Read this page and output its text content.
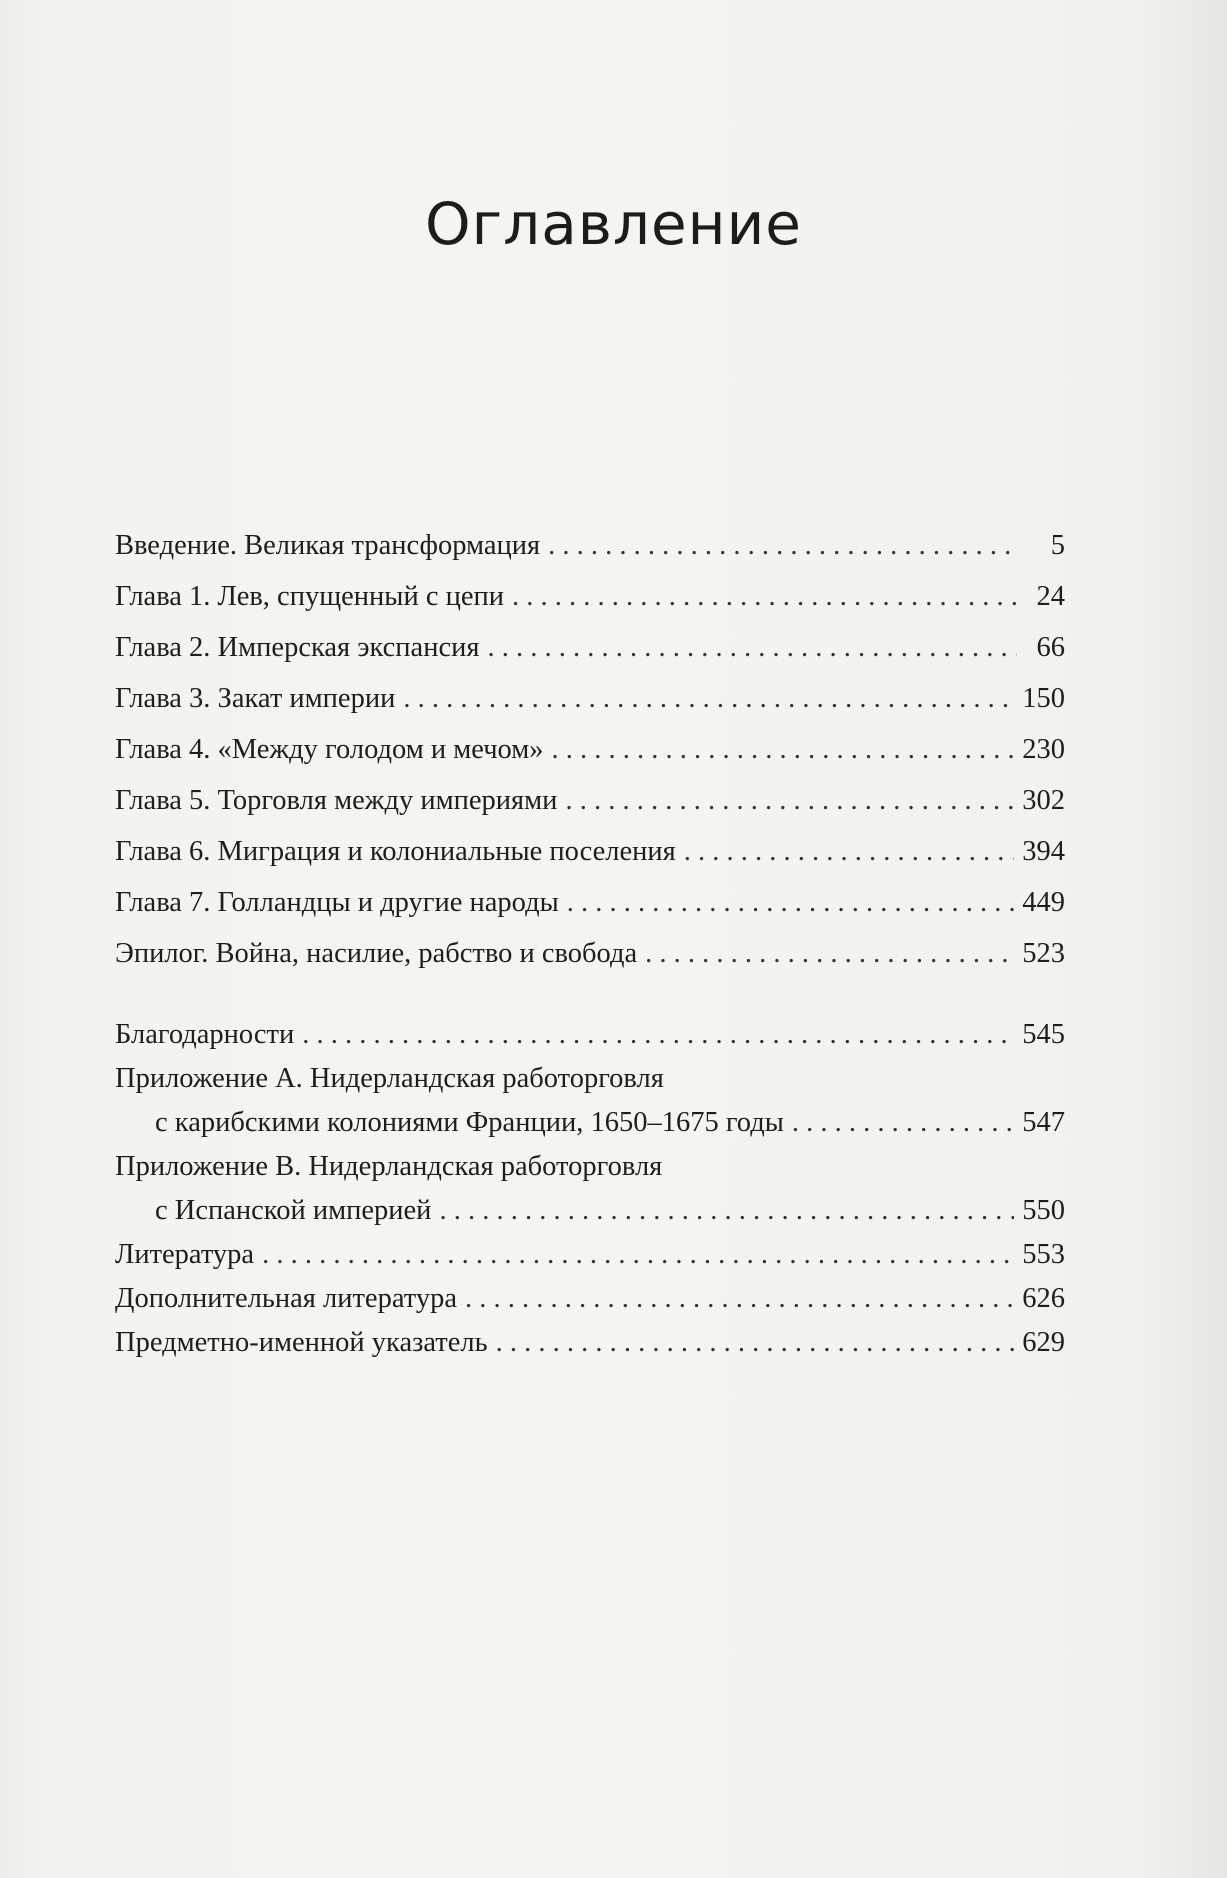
Оглавление
Введение. Великая трансформация . . .	5
Глава 1. Лев, спущенный с цепи . . .	24
Глава 2. Имперская экспансия . . .	66
Глава 3. Закат империи . . .	150
Глава 4. «Между голодом и мечом» . . .	230
Глава 5. Торговля между империями . . .	302
Глава 6. Миграция и колониальные поселения . . .	394
Глава 7. Голландцы и другие народы . . .	449
Эпилог. Война, насилие, рабство и свобода . . .	523
Благодарности . . .	545
Приложение A. Нидерландская работорговля
с карибскими колониями Франции, 1650–1675 годы . . .	547
Приложение B. Нидерландская работорговля
с Испанской империей . . .	550
Литература . . .	553
Дополнительная литература . . .	626
Предметно-именной указатель . . .	629
